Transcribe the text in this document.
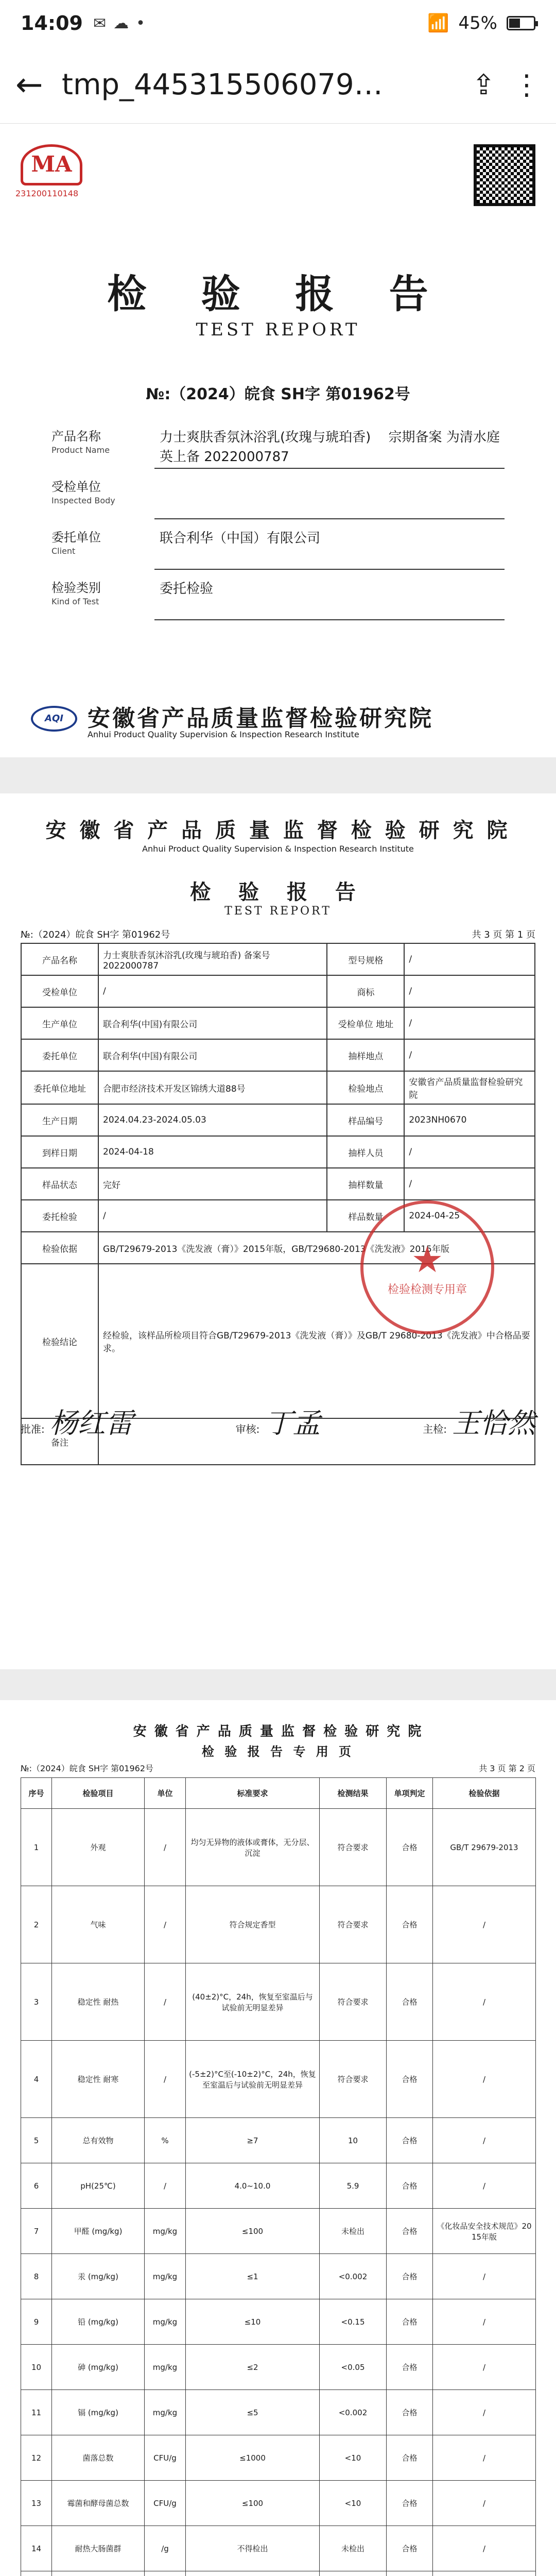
14:09 ✉ ☁ •	📶 45%
← tmp_445315506079…	⇪ ⋮
MA
231200110148
检 验 报 告
TEST REPORT
№:（2024）皖食 SH字 第01962号
产品名称
Product Name
力士爽肤香氛沐浴乳(玫瑰与琥珀香)　 宗期备案 为清水庭英上备 2022000787
受检单位
Inspected Body
委托单位
Client
联合利华（中国）有限公司
检验类别
Kind of Test
委托检验
AQI	安徽省产品质量监督检验研究院
Anhui Product Quality Supervision & Inspection Research Institute
安 徽 省 产 品 质 量 监 督 检 验 研 究 院
Anhui Product Quality Supervision & Inspection Research Institute
检 验 报 告
TEST REPORT
№:（2024）皖食 SH字 第01962号	共 3 页 第 1 页
产品名称	力士爽肤香氛沐浴乳(玫瑰与琥珀香) 备案号 2022000787	型号规格	/
受检单位	/	商标	/
生产单位	联合利华(中国)有限公司	受检单位 地址	/
委托单位	联合利华(中国)有限公司	抽样地点	/
委托单位地址	合肥市经济技术开发区锦绣大道88号	检验地点	安徽省产品质量监督检验研究院
生产日期	2024.04.23-2024.05.03	样品编号	2023NH0670
到样日期	2024-04-18	抽样人员	/
样品状态	完好	抽样数量	/
委托检验	/	样品数量	2024-04-25
检验依据	GB/T29679-2013《洗发液（膏）》2015年版，GB/T29680-2013《洗发液》2015年版		
检验结论	经检验，该样品所检项目符合GB/T29679-2013《洗发液（膏）》及GB/T 29680-2013《洗发液》中合格品要求。		
备注			
★
检验检测专用章
批准: 杨红雷	审核: 丁孟	主检: 王恰然
安 徽 省 产 品 质 量 监 督 检 验 研 究 院
检 验 报 告 专 用 页
№:（2024）皖食 SH字 第01962号	共 3 页 第 2 页
序号	检验项目	单位	标准要求	检测结果	单项判定	检验依据
1	外观	/	均匀无异物的液体或膏体，无分层、沉淀	符合要求	合格	GB/T 29679-2013
2	气味	/	符合规定香型	符合要求	合格	/
3	稳定性 耐热	/	(40±2)°C，24h，恢复至室温后与试验前无明显差异	符合要求	合格	/
4	稳定性 耐寒	/	(-5±2)°C至(-10±2)°C，24h，恢复至室温后与试验前无明显差异	符合要求	合格	/
5	总有效物	%	≥7	10	合格	/
6	pH(25℃)	/	4.0~10.0	5.9	合格	/
7	甲醛 (mg/kg)	mg/kg	≤100	未检出	合格	《化妆品安全技术规范》2015年版
8	汞 (mg/kg)	mg/kg	≤1	<0.002	合格	/
9	铅 (mg/kg)	mg/kg	≤10	<0.15	合格	/
10	砷 (mg/kg)	mg/kg	≤2	<0.05	合格	/
11	镉 (mg/kg)	mg/kg	≤5	<0.002	合格	/
12	菌落总数	CFU/g	≤1000	<10	合格	/
13	霉菌和酵母菌总数	CFU/g	≤100	<10	合格	/
14	耐热大肠菌群	/g	不得检出	未检出	合格	/
